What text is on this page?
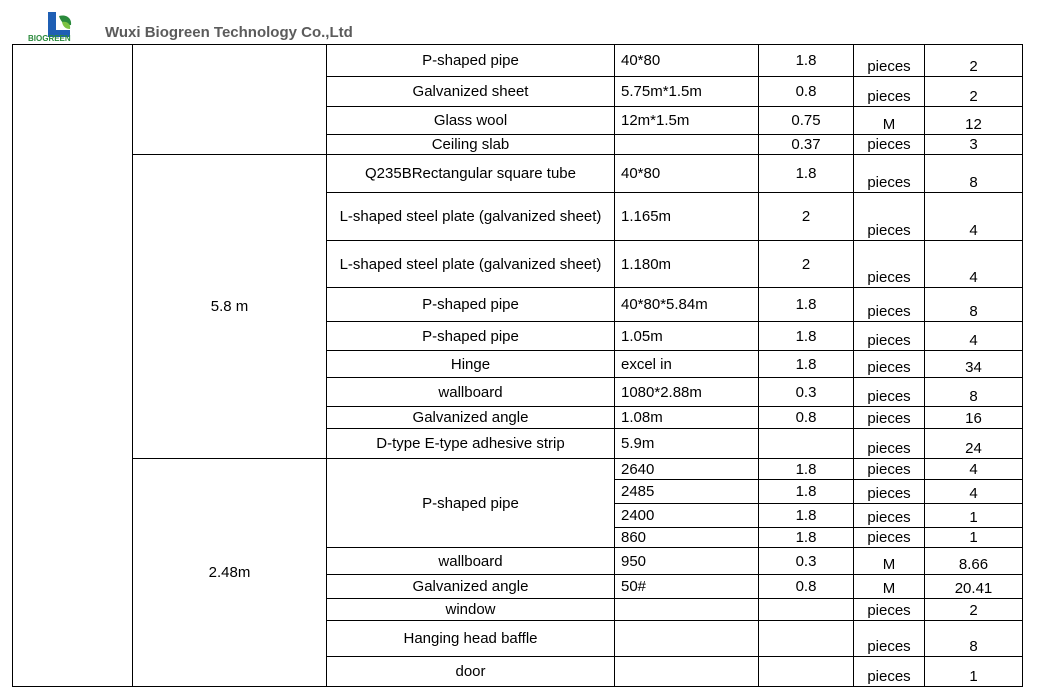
BIOGREEN Wuxi Biogreen Technology Co.,Ltd
		P-shaped pipe	40*80	1.8	pieces	2
		Galvanized sheet	5.75m*1.5m	0.8	pieces	2
		Glass wool	12m*1.5m	0.75	M	12
		Ceiling slab		0.37	pieces	3
	5.8 m	Q235BRectangular square tube	40*80	1.8	pieces	8
		L-shaped steel plate (galvanized sheet)	1.165m	2	pieces	4
		L-shaped steel plate (galvanized sheet)	1.180m	2	pieces	4
		P-shaped pipe	40*80*5.84m	1.8	pieces	8
		P-shaped pipe	1.05m	1.8	pieces	4
		Hinge	excel in	1.8	pieces	34
		wallboard	1080*2.88m	0.3	pieces	8
		Galvanized angle	1.08m	0.8	pieces	16
		D-type E-type adhesive strip	5.9m		pieces	24
	2.48m	P-shaped pipe	2640	1.8	pieces	4
			2485	1.8	pieces	4
			2400	1.8	pieces	1
			860	1.8	pieces	1
		wallboard	950	0.3	M	8.66
		Galvanized angle	50#	0.8	M	20.41
		window			pieces	2
		Hanging head baffle			pieces	8
		door			pieces	1
